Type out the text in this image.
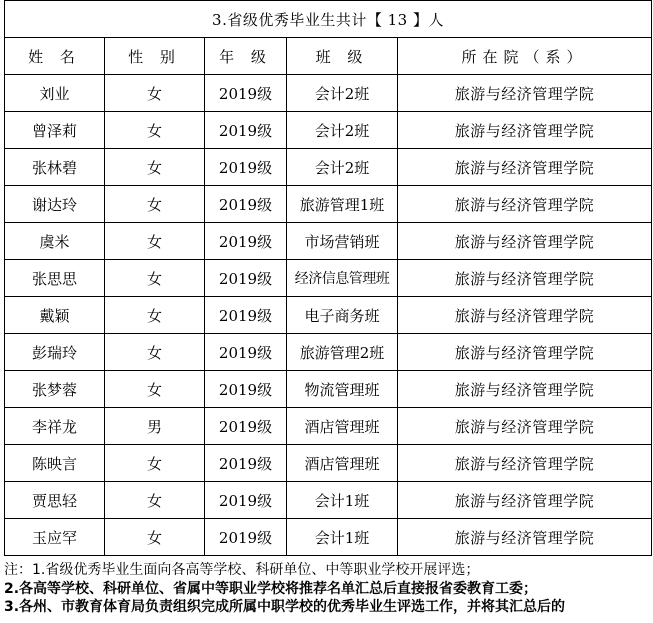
3.省级优秀毕业生共计【 13 】人				
姓 名	性 别	年 级	班 级	所在院（系）
刘业	女	2019级	会计2班	旅游与经济管理学院
曾泽莉	女	2019级	会计2班	旅游与经济管理学院
张林碧	女	2019级	会计2班	旅游与经济管理学院
谢达玲	女	2019级	旅游管理1班	旅游与经济管理学院
虞米	女	2019级	市场营销班	旅游与经济管理学院
张思思	女	2019级	经济信息管理班	旅游与经济管理学院
戴颖	女	2019级	电子商务班	旅游与经济管理学院
彭瑞玲	女	2019级	旅游管理2班	旅游与经济管理学院
张梦蓉	女	2019级	物流管理班	旅游与经济管理学院
李祥龙	男	2019级	酒店管理班	旅游与经济管理学院
陈映言	女	2019级	酒店管理班	旅游与经济管理学院
贾思轻	女	2019级	会计1班	旅游与经济管理学院
玉应罕	女	2019级	会计1班	旅游与经济管理学院
注：1.省级优秀毕业生面向各高等学校、科研单位、中等职业学校开展评选；
2.各高等学校、科研单位、省属中等职业学校将推荐名单汇总后直接报省委教育工委；
3.各州、市教育体育局负责组织完成所属中职学校的优秀毕业生评选工作，并将其汇总后的
